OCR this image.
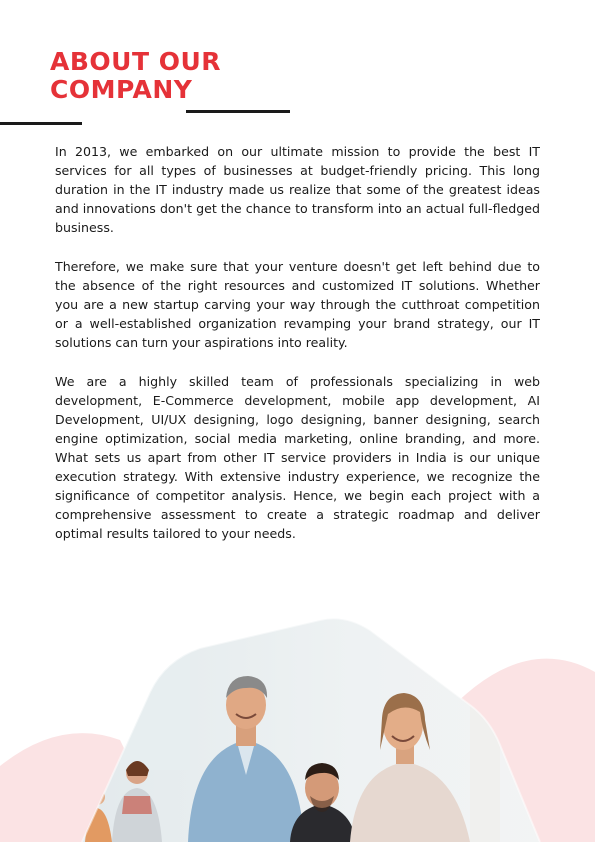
ABOUT OUR
COMPANY

In 2013, we embarked on our ultimate mission to provide the best IT services for all types of businesses at budget-friendly pricing. This long duration in the IT industry made us realize that some of the greatest ideas and innovations don't get the chance to transform into an actual full-fledged business.

Therefore, we make sure that your venture doesn't get left behind due to the absence of the right resources and customized IT solutions. Whether you are a new startup carving your way through the cutthroat competition or a well-established organization revamping your brand strategy, our IT solutions can turn your aspirations into reality.

We are a highly skilled team of professionals specializing in web development, E-Commerce development, mobile app development, AI Development, UI/UX designing, logo designing, banner designing, search engine optimization, social media marketing, online branding, and more. What sets us apart from other IT service providers in India is our unique execution strategy. With extensive industry experience, we recognize the significance of competitor analysis. Hence, we begin each project with a comprehensive assessment to create a strategic roadmap and deliver optimal results tailored to your needs.
